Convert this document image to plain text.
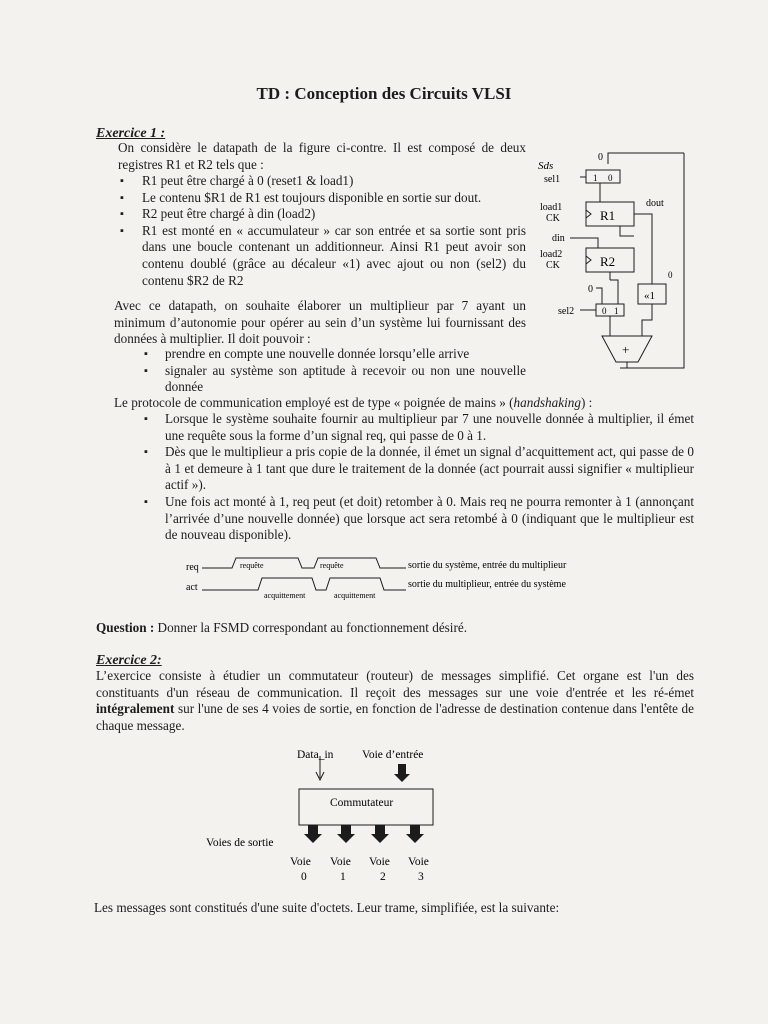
TD : Conception des Circuits VLSI
Exercice 1 :
On considère le datapath de la figure ci-contre. Il est composé de deux registres R1 et R2 tels que :
▪ R1 peut être chargé à 0 (reset1 & load1)
▪ Le contenu $R1 de R1 est toujours disponible en sortie sur dout.
▪ R2 peut être chargé à din (load2)
▪ R1 est monté en « accumulateur » car son entrée et sa sortie sont pris dans une boucle contenant un additionneur. Ainsi R1 peut avoir son contenu doublé (grâce au décaleur «1) avec ajout ou non (sel2) du contenu $R2 de R2
Avec ce datapath, on souhaite élaborer un multiplieur par 7 ayant un minimum d’autonomie pour opérer au sein d’un système lui fournissant des données à multiplier. Il doit pouvoir :
▪ prendre en compte une nouvelle donnée lorsqu’elle arrive
▪ signaler au système son aptitude à recevoir ou non une nouvelle donnée
Le protocole de communication employé est de type « poignée de mains » (handshaking) :
▪ Lorsque le système souhaite fournir au multiplieur par 7 une nouvelle donnée à multiplier, il émet une requête sous la forme d’un signal req, qui passe de 0 à 1.
▪ Dès que le multiplieur a pris copie de la donnée, il émet un signal d’acquittement act, qui passe de 0 à 1 et demeure à 1 tant que dure le traitement de la donnée (act pourrait aussi signifier « multiplieur actif »).
▪ Une fois act monté à 1, req peut (et doit) retomber à 0. Mais req ne pourra remonter à 1 (annonçant l’arrivée d’une nouvelle donnée) que lorsque act sera retombé à 0 (indiquant que le multiplieur est de nouveau disponible).
Sds
sel1	1 0
0
load1
CK	R1
dout
din
load2
CK	R2
«1
0
0
sel2	0 1
+
req
act
requête	requête
acquittement	acquittement
sortie du système, entrée du multiplieur
sortie du multiplieur, entrée du système
Question : Donner la FSMD correspondant au fonctionnement désiré.
Exercice 2:
L’exercice consiste à étudier un commutateur (routeur) de messages simplifié. Cet organe est l'un des constituants d'un réseau de communication. Il reçoit des messages sur une voie d'entrée et les ré-émet intégralement sur l'une de ses 4 voies de sortie, en fonction de l'adresse de destination contenue dans l'entête de chaque message.
Data_in Voie d’entrée
Commutateur
Voies de sortie
Voie
0
Voie
1
Voie
2
Voie
3
Les messages sont constitués d'une suite d'octets. Leur trame, simplifiée, est la suivante:
